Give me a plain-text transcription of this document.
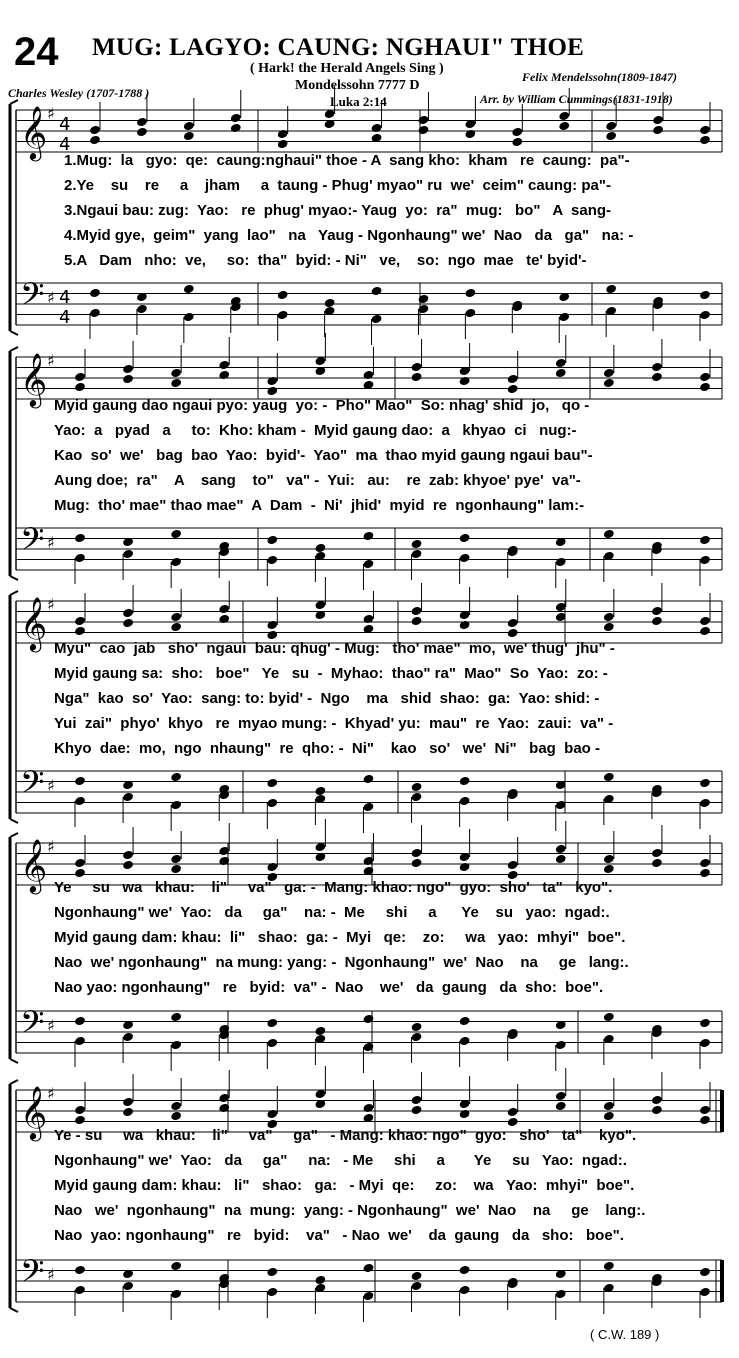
24 MUG: LAGYO: CAUNG: NGHAUI" THOE
( Hark! the Herald Angels Sing )
Mondelssohn 7777 D
Luka 2:14
Charles Wesley (1707-1788 )
Felix Mendelssohn(1809-1847)
Arr. by William Cummings(1831-1918)
𝄞
𝄢
♯
♯
4
4
4
4
1.Mug:  la   gyo:  qe:  caung:nghaui" thoe - A  sang kho:  kham   re  caung:  pa"-
2.Ye    su    re     a    jham     a  taung - Phug' myao" ru  we'  ceim" caung: pa"-
3.Ngaui bau: zug:  Yao:   re  phug' myao:- Yaug  yo:  ra"  mug:   bo"   A  sang-
4.Myid gye,  geim"  yang  lao"   na   Yaug - Ngonhaung" we'  Nao   da   ga"   na: -
5.A   Dam   nho:  ve,     so:  tha"  byid: - Ni"   ve,    so:  ngo  mae   te' byid'-
𝄞
𝄢
♯
♯
Myid gaung dao ngaui pyo: yaug  yo: -  Pho" Mao"  So: nhag' shid  jo,   qo -
Yao:  a   pyad   a     to:  Kho: kham -  Myid gaung dao:  a   khyao  ci   nug:-
Kao  so'  we'   bag  bao  Yao:  byid'-  Yao"  ma  thao myid gaung ngaui bau"-
Aung doe;  ra"    A    sang    to"   va" -  Yui:   au:    re  zab: khyoe' pye'  va"-
Mug:  tho' mae" thao mae"  A  Dam  -  Ni'  jhid'  myid  re  ngonhaung" lam:-
𝄞
𝄢
♯
♯
Myu"  cao  jab   sho'  ngaui  bau: qhug' - Mug:   tho' mae"  mo,  we' thug'  jhu" -
Myid gaung sa:  sho:   boe"   Ye   su  -  Myhao:  thao" ra"  Mao"  So  Yao:  zo: -
Nga"  kao  so'  Yao:  sang: to: byid' -  Ngo    ma   shid  shao:  ga:  Yao: shid: -
Yui  zai"  phyo'  khyo   re  myao mung: -  Khyad' yu:  mau"  re  Yao:  zaui:  va" -
Khyo  dae:  mo,  ngo  nhaung"  re  qho: -  Ni"    kao   so'   we'  Ni"   bag  bao -
𝄞
𝄢
♯
♯
Ye     su   wa   khau:    li"     va"   ga: -  Mang: khao: ngo"  gyo:  sho'   ta"   kyo".
Ngonhaung" we'  Yao:   da     ga"    na: -  Me     shi     a      Ye    su   yao:  ngad:.
Myid gaung dam: khau:  li"   shao:  ga: -  Myi   qe:    zo:     wa   yao:  mhyi"  boe".
Nao  we' ngonhaung"  na mung: yang: -  Ngonhaung"  we'  Nao    na     ge   lang:.
Nao yao: ngonhaung"   re   byid:  va" -  Nao    we'   da  gaung   da  sho:  boe".
𝄞
𝄢
♯
♯
Ye - su     wa   khau:    li"     va"     ga"   - Mang: khao: ngo"  gyo:   sho'   ta"    kyo".
Ngonhaung" we'  Yao:   da     ga"     na:   - Me     shi     a       Ye     su   Yao:  ngad:.
Myid gaung dam: khau:   li"   shao:   ga:   - Myi  qe:     zo:    wa   Yao:  mhyi"  boe".
Nao   we'  ngonhaung"  na  mung:  yang: - Ngonhaung"  we'  Nao    na     ge    lang:.
Nao  yao: ngonhaung"   re   byid:    va"   - Nao  we'    da  gaung   da   sho:   boe".
( C.W. 189 )
